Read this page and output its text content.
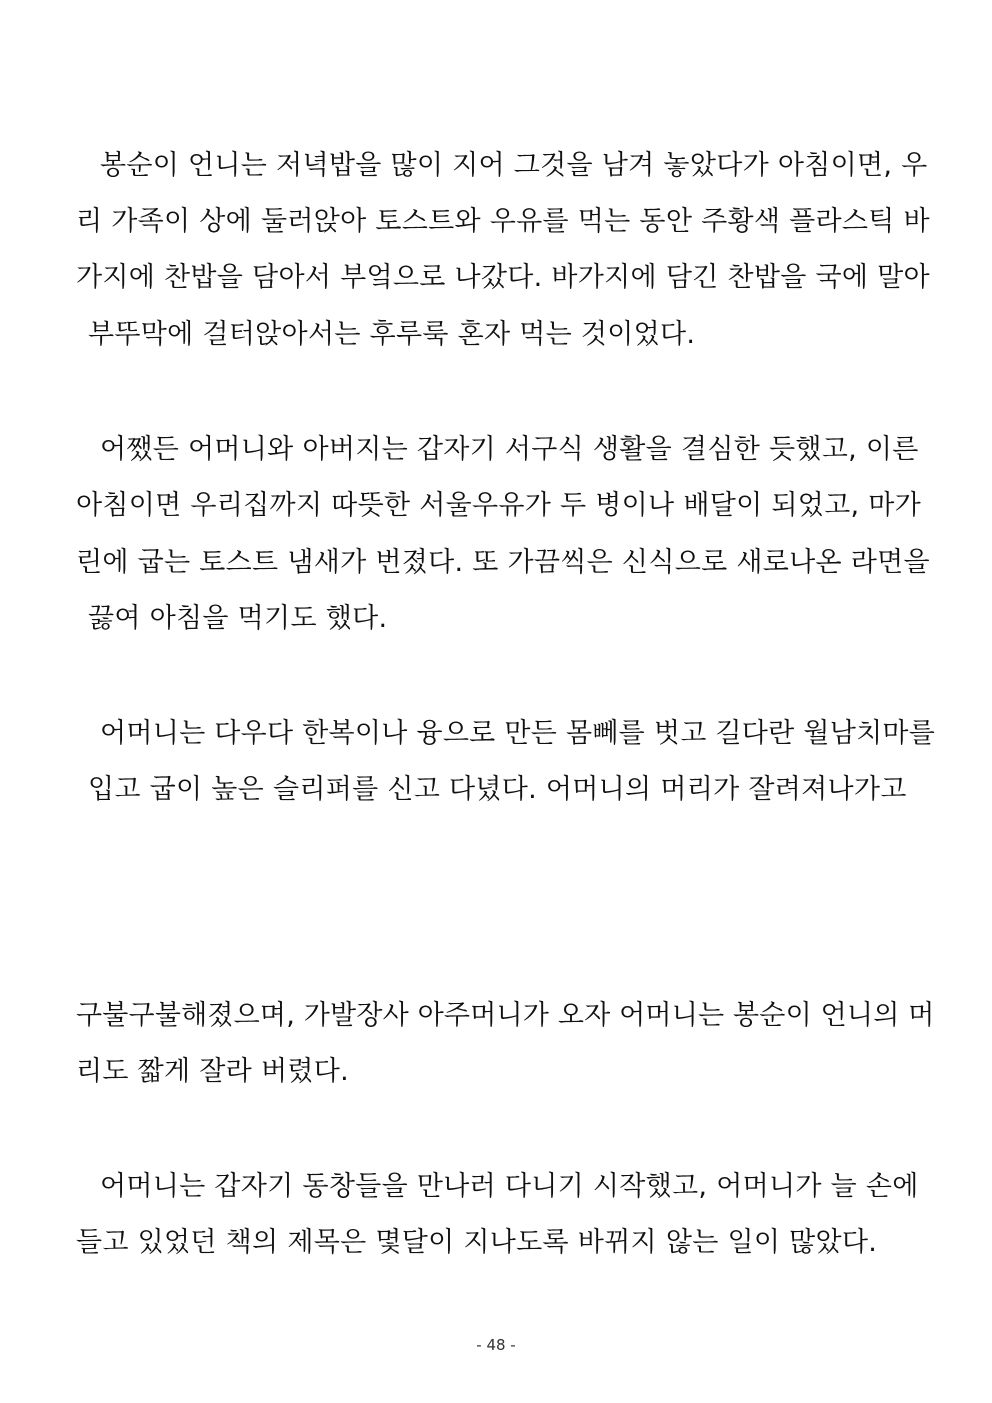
봉순이 언니는 저녁밥을 많이 지어 그것을 남겨 놓았다가 아침이면, 우
리 가족이 상에 둘러앉아 토스트와 우유를 먹는 동안 주황색 플라스틱 바
가지에 찬밥을 담아서 부엌으로 나갔다. 바가지에 담긴 찬밥을 국에 말아
부뚜막에 걸터앉아서는 후루룩 혼자 먹는 것이었다.
어쨌든 어머니와 아버지는 갑자기 서구식 생활을 결심한 듯했고, 이른
아침이면 우리집까지 따뜻한 서울우유가 두 병이나 배달이 되었고, 마가
린에 굽는 토스트 냄새가 번졌다. 또 가끔씩은 신식으로 새로나온 라면을
끓여 아침을 먹기도 했다.
어머니는 다우다 한복이나 융으로 만든 몸뻬를 벗고 길다란 월남치마를
입고 굽이 높은 슬리퍼를 신고 다녔다. 어머니의 머리가 잘려져나가고
구불구불해졌으며, 가발장사 아주머니가 오자 어머니는 봉순이 언니의 머
리도 짧게 잘라 버렸다.
어머니는 갑자기 동창들을 만나러 다니기 시작했고, 어머니가 늘 손에
들고 있었던 책의 제목은 몇달이 지나도록 바뀌지 않는 일이 많았다.
- 48 -
